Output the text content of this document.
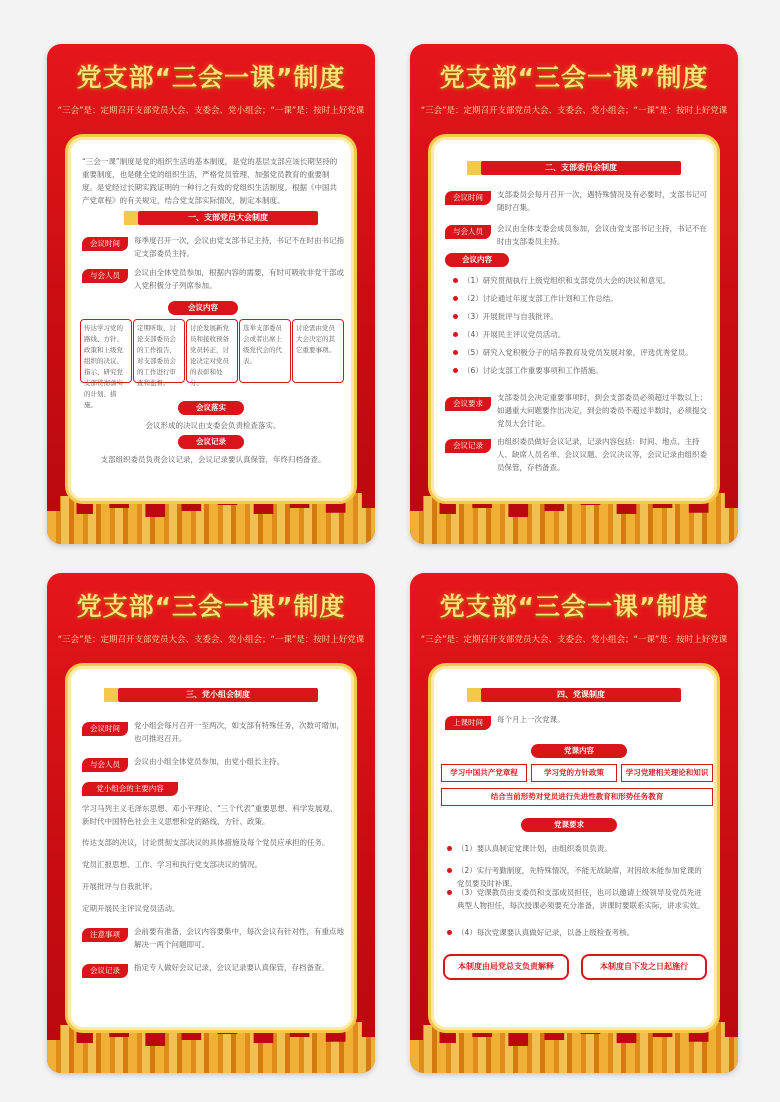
党支部“三会一课”制度
“三会”是：定期召开支部党员大会、支委会、党小组会；“一课”是：按时上好党课
“三会一课”制度是党的组织生活的基本制度，是党的基层支部应该长期坚持的重要制度，也是健全党的组织生活，严格党员管理、加强党员教育的重要制度。是党经过长期实践证明的一种行之有效的党组织生活制度。根据《中国共产党章程》的有关规定，结合党支部实际情况，制定本制度。
一、支部党员大会制度
会议时间	每季度召开一次，会议由党支部书记主持，书记不在时由书记指定支部委员主持。
与会人员	会议由全体党员参加，根据内容的需要，有时可吸收非党干部或入党积极分子列席参加。
会议内容
传达学习党的路线、方针、政策和上级党组织的决议、指示、研究党支部贯彻落实的计划、措施。
定期听取、讨论支部委员会的工作报告，对支部委员会的工作进行审查和监督。
讨论发展新党员和接收预备党员转正，讨论决定对党员的表彰和处分。
选举支部委员会或者出席上级党代会的代表。
讨论需由党员大会决定的其它重要事项。
会议落实
会议形成的决议由支委会负责检查落实。
会议记录
支部组织委员负责会议记录，会议记录要认真保管，年终归档备查。
党支部“三会一课”制度
“三会”是：定期召开支部党员大会、支委会、党小组会；“一课”是：按时上好党课
二、支部委员会制度
会议时间	支部委员会每月召开一次，遇特殊情况及有必要时，支部书记可随时召集。
与会人员	会议由全体支委会成员参加，会议由党支部书记主持，书记不在时由支部委员主持。
会议内容
（1）研究贯彻执行上级党组织和支部党员大会的决议和意见。
（2）讨论通过年度支部工作计划和工作总结。
（3）开展批评与自我批评。
（4）开展民主评议党员活动。
（5）研究入党积极分子的培养教育及党员发展对象，评选优秀党员。
（6）讨论支部工作重要事项和工作措施。
会议要求
支部委员会决定重要事项时，到会支部委员必须超过半数以上；如遇重大问题要作出决定，到会的委员不超过半数时，必须提交党员大会讨论。
会议记录	由组织委员做好会议记录，记录内容包括：时间、地点、主持人、缺席人员名单、会议议题、会议决议等，会议记录由组织委员保管，存档备查。
党支部“三会一课”制度
“三会”是：定期召开支部党员大会、支委会、党小组会；“一课”是：按时上好党课
三、党小组会制度
会议时间	党小组会每月召开一至两次，如支部有特殊任务，次数可增加，也可推迟召开。
与会人员	会议由小组全体党员参加，由党小组长主持。
党小组会的主要内容
学习马列主义毛泽东思想、邓小平理论、“三个代表”重要思想、科学发展观、新时代中国特色社会主义思想和党的路线、方针、政策。
传达支部的决议，讨论贯彻支部决议的具体措施及每个党员应承担的任务。
党员汇报思想、工作、学习和执行党支部决议的情况。
开展批评与自我批评。
定期开展民主评议党员活动。
注意事项	会前要有准备，会议内容要集中，每次会议有针对性，有重点地解决一两个问题即可。
会议记录	指定专人做好会议记录，会议记录要认真保管，存档备查。
党支部“三会一课”制度
“三会”是：定期召开支部党员大会、支委会、党小组会；“一课”是：按时上好党课
四、党课制度
上课时间	每个月上一次党课。
党课内容
学习中国共产党章程	学习党的方针政策	学习党建相关理论和知识
结合当前形势对党员进行先进性教育和形势任务教育
党课要求
（1）要认真制定党课计划，由组织委员负责。
（2）实行考勤制度，先特殊情况，不能无故缺席，对因故未能参加党课的党员要及时补课。
（3）党课教员由支委员和支部成员担任，也可以邀请上级领导及党员先进典型人物担任，每次授课必须要充分准备，讲课时要联系实际，讲求实效。
（4）每次党课要认真做好记录，以备上级检查考核。
本制度由局党总支负责解释	本制度自下发之日起施行
